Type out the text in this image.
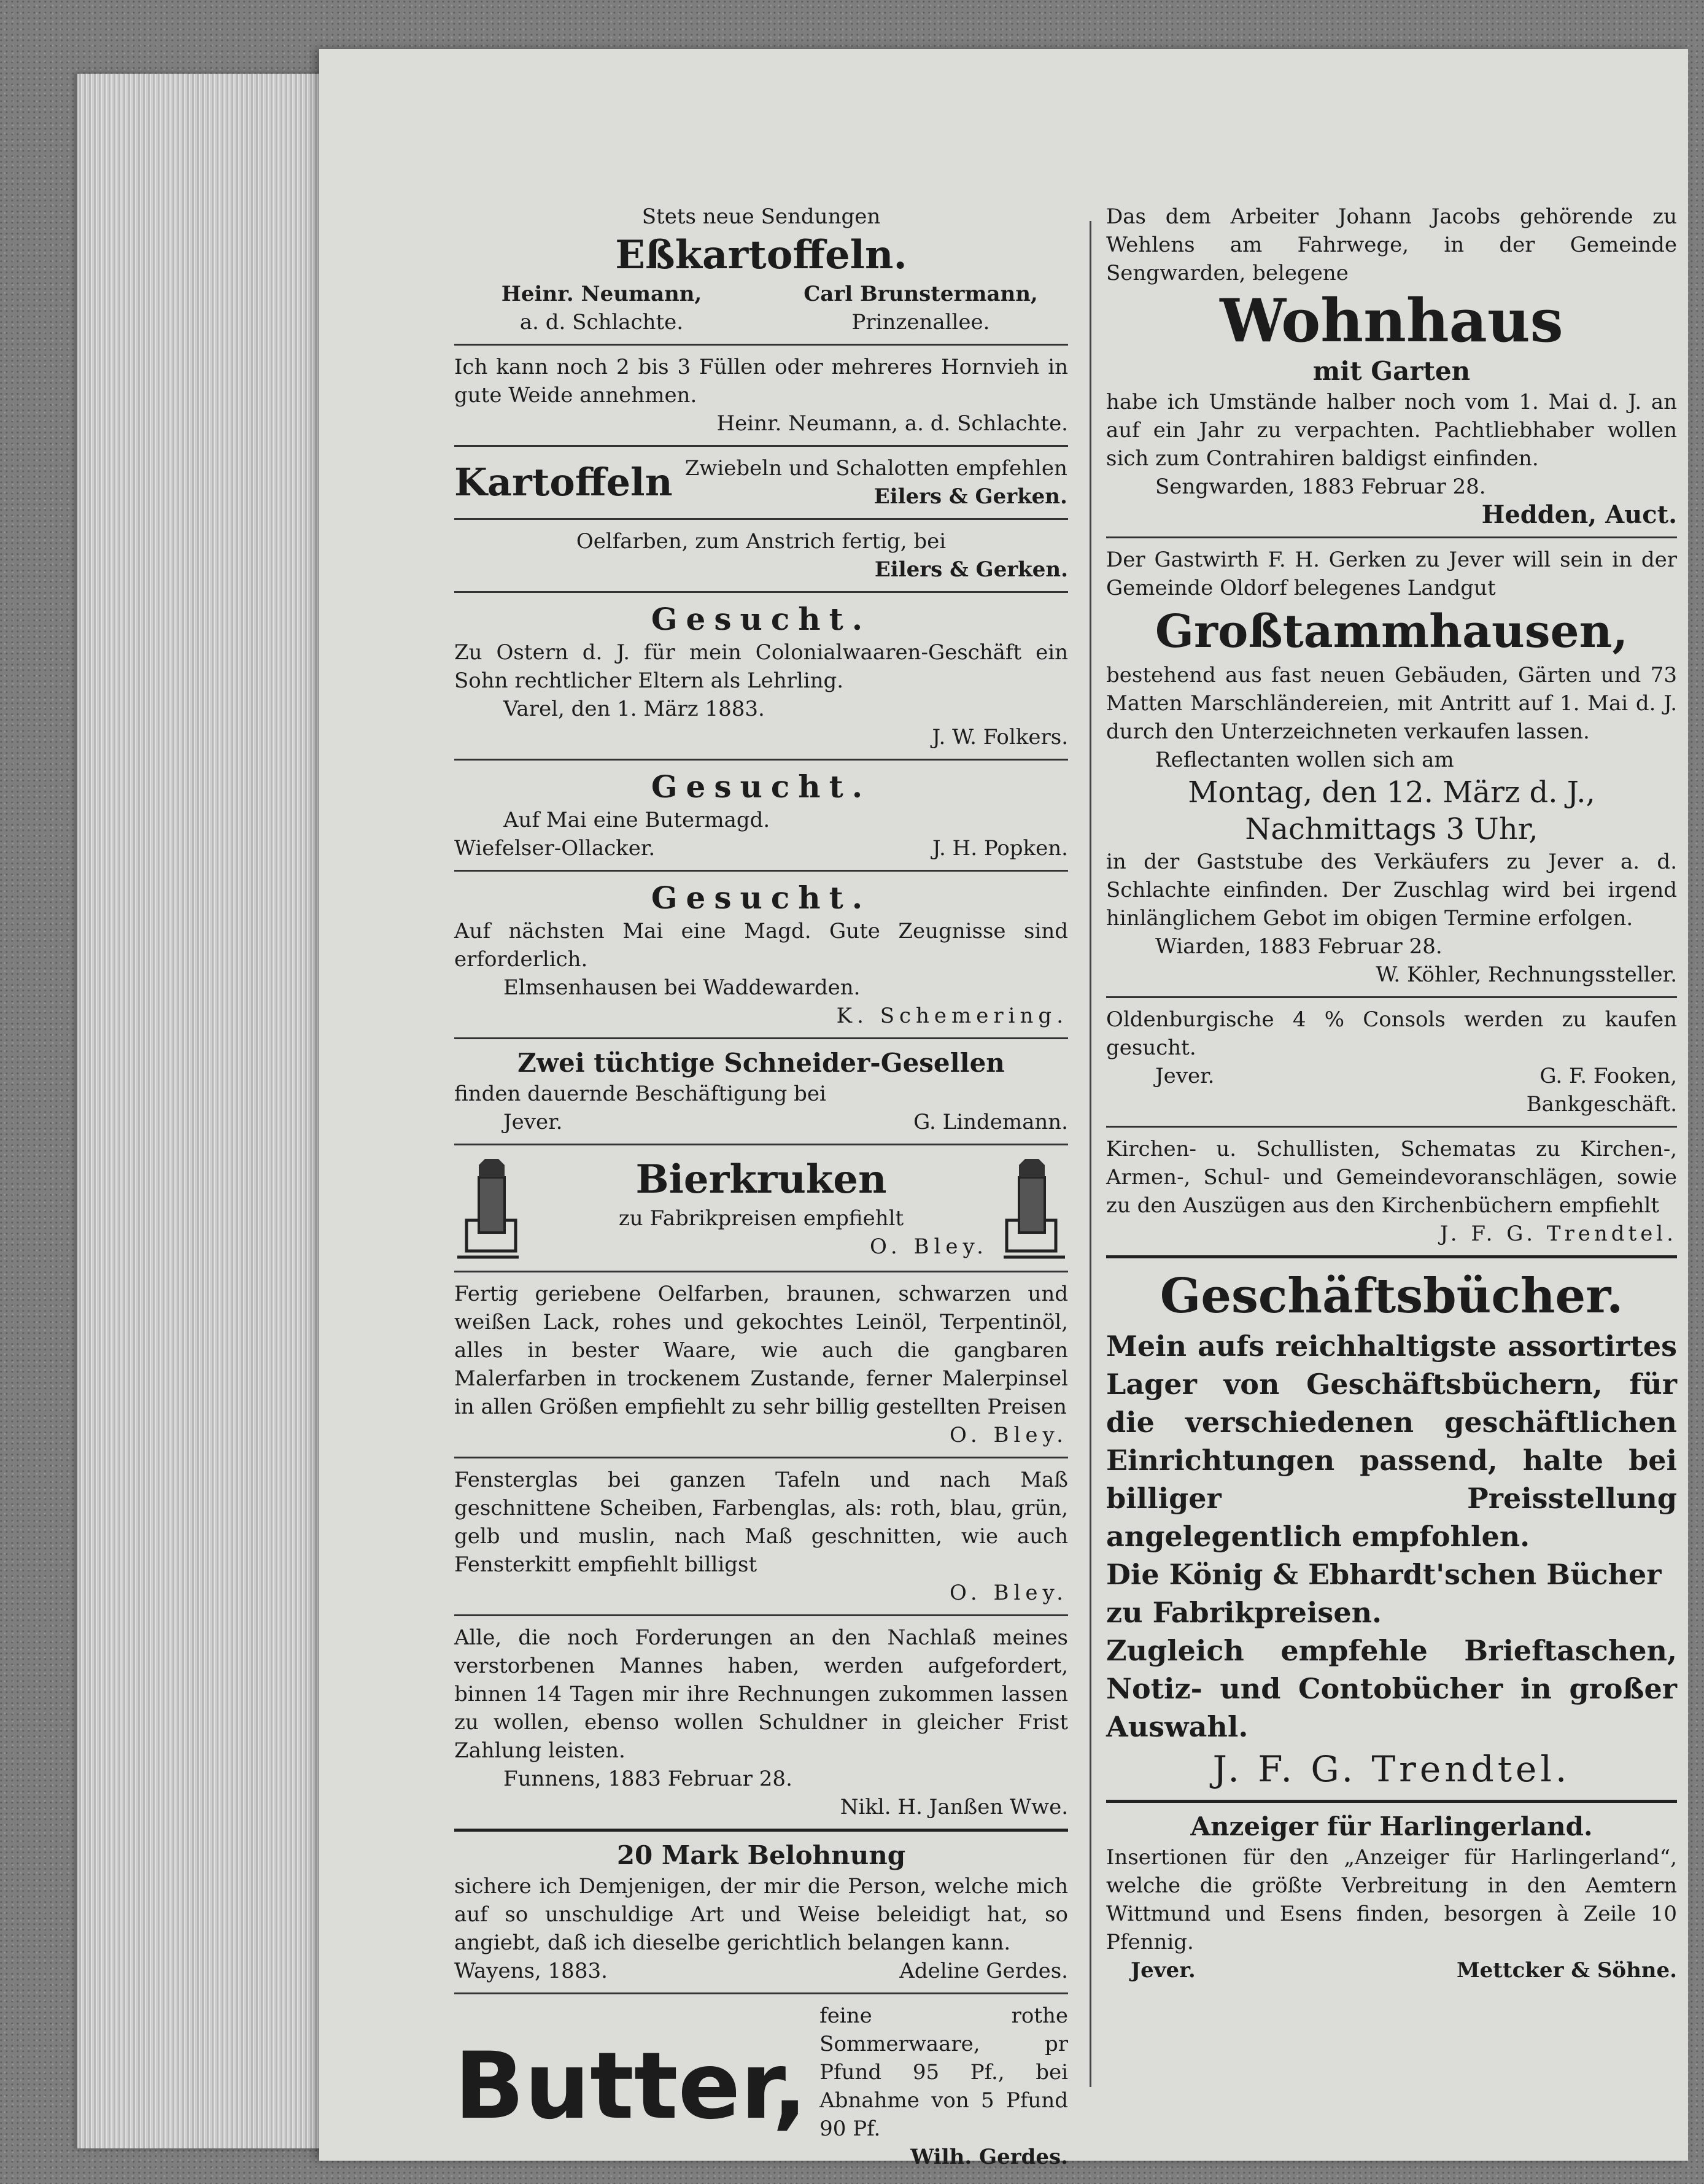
Stets neue Sendungen

Eßkartoffeln.
Heinr. Neumann,
a. d. Schlachte.
Carl Brunstermann,
Prinzenallee.

Ich kann noch 2 bis 3 Füllen oder mehreres Hornvieh in gute Weide annehmen.

Heinr. Neumann, a. d. Schlachte.

Kartoffeln Zwiebeln und Schalotten empfehlen
Eilers & Gerken.

Oelfarben, zum Anstrich fertig, bei

Eilers & Gerken.

Gesucht.

Zu Ostern d. J. für mein Colonialwaaren-Geschäft ein Sohn rechtlicher Eltern als Lehrling.

Varel, den 1. März 1883.

J. W. Folkers.

Gesucht.

Auf Mai eine Butermagd.

Wiefelser-Ollacker.	J. H. Popken.
Gesucht.

Auf nächsten Mai eine Magd. Gute Zeugnisse sind erforderlich.

Elmsenhausen bei Waddewarden.

K. Schemering.

Zwei tüchtige Schneider-Gesellen

finden dauernde Beschäftigung bei

Jever.	G. Lindemann.
Bierkruken
zu Fabrikpreisen empfiehlt
O. Bley.

Fertig geriebene Oelfarben, braunen, schwarzen und weißen Lack, rohes und gekochtes Leinöl, Terpentinöl, alles in bester Waare, wie auch die gangbaren Malerfarben in trockenem Zustande, ferner Malerpinsel in allen Größen empfiehlt zu sehr billig gestellten Preisen

O. Bley.

Fensterglas bei ganzen Tafeln und nach Maß geschnittene Scheiben, Farbenglas, als: roth, blau, grün, gelb und muslin, nach Maß geschnitten, wie auch Fensterkitt empfiehlt billigst

O. Bley.

Alle, die noch Forderungen an den Nachlaß meines verstorbenen Mannes haben, werden aufgefordert, binnen 14 Tagen mir ihre Rechnungen zukommen lassen zu wollen, ebenso wollen Schuldner in gleicher Frist Zahlung leisten.

Funnens, 1883 Februar 28.

Nikl. H. Janßen Wwe.

20 Mark Belohnung

sichere ich Demjenigen, der mir die Person, welche mich auf so unschuldige Art und Weise beleidigt hat, so angiebt, daß ich dieselbe gerichtlich belangen kann.

Wayens, 1883.	Adeline Gerdes.
Butter,
feine rothe Sommerwaare, pr Pfund 95 Pf., bei Abnahme von 5 Pfund 90 Pf.
Wilh. Gerdes.

Das dem Arbeiter Johann Jacobs gehörende zu Wehlens am Fahrwege, in der Gemeinde Sengwarden, belegene

Wohnhaus
mit Garten

habe ich Umstände halber noch vom 1. Mai d. J. an auf ein Jahr zu verpachten. Pachtliebhaber wollen sich zum Contrahiren baldigst einfinden.

Sengwarden, 1883 Februar 28.

Hedden, Auct.

Der Gastwirth F. H. Gerken zu Jever will sein in der Gemeinde Oldorf belegenes Landgut

Großtammhausen,

bestehend aus fast neuen Gebäuden, Gärten und 73 Matten Marschländereien, mit Antritt auf 1. Mai d. J. durch den Unterzeichneten verkaufen lassen.

Reflectanten wollen sich am

Montag, den 12. März d. J.,
Nachmittags 3 Uhr,

in der Gaststube des Verkäufers zu Jever a. d. Schlachte einfinden. Der Zuschlag wird bei irgend hinlänglichem Gebot im obigen Termine erfolgen.

Wiarden, 1883 Februar 28.

W. Köhler, Rechnungssteller.

Oldenburgische 4 % Consols werden zu kaufen gesucht.

Jever.	G. F. Fooken,

Bankgeschäft.

Kirchen- u. Schullisten, Schematas zu Kirchen-, Armen-, Schul- und Gemeindevoranschlägen, sowie zu den Auszügen aus den Kirchenbüchern empfiehlt

J. F. G. Trendtel.

Geschäftsbücher.

Mein aufs reichhaltigste assortirtes Lager von Geschäftsbüchern, für die verschiedenen geschäftlichen Einrichtungen passend, halte bei billiger Preisstellung angelegentlich empfohlen.

Die König & Ebhardt'schen Bücher zu Fabrikpreisen.

Zugleich empfehle Brieftaschen, Notiz- und Contobücher in großer Auswahl.

J. F. G. Trendtel.
Anzeiger für Harlingerland.

Insertionen für den „Anzeiger für Harlingerland“, welche die größte Verbreitung in den Aemtern Wittmund und Esens finden, besorgen à Zeile 10 Pfennig.

Jever.	Mettcker & Söhne.
